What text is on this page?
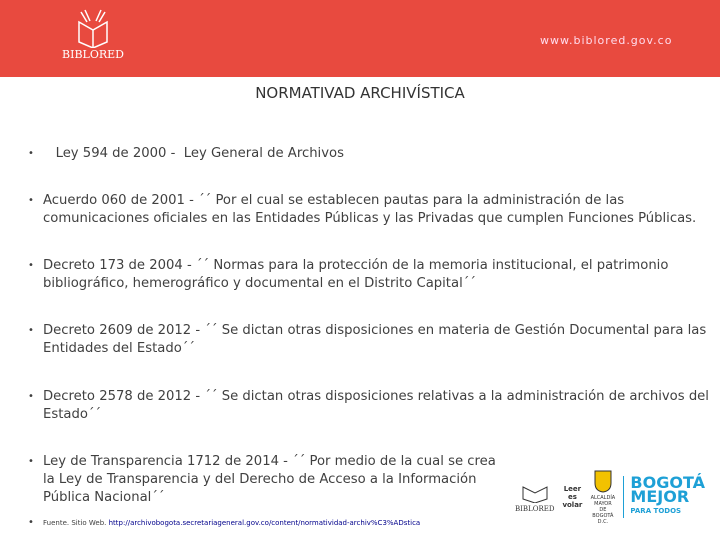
BIBLORED
www.biblored.gov.co
NORMATIVAD ARCHIVÍSTICA
• Ley 594 de 2000 -  Ley General de Archivos
• Acuerdo 060 de 2001 - ´´ Por el cual se establecen pautas para la administración de las comunicaciones oficiales en las Entidades Públicas y las Privadas que cumplen Funciones Públicas.
• Decreto 173 de 2004 - ´´ Normas para la protección de la memoria institucional, el patrimonio bibliográfico, hemerográfico y documental en el Distrito Capital´´
• Decreto 2609 de 2012 - ´´ Se dictan otras disposiciones en materia de Gestión Documental para las Entidades del Estado´´
• Decreto 2578 de 2012 - ´´ Se dictan otras disposiciones relativas a la administración de archivos del Estado´´
• Ley de Transparencia 1712 de 2014 - ´´ Por medio de la cual se crea la Ley de Transparencia y del Derecho de Acceso a la Información Pública Nacional´´
• Fuente. Sitio Web. http://archivobogota.secretariageneral.gov.co/content/normatividad-archiv%C3%ADstica
BIBLORED
Leer es volar
ALCALDÍA MAYOR DE BOGOTÁ D.C.
BOGOTÁ
MEJOR
PARA TODOS
